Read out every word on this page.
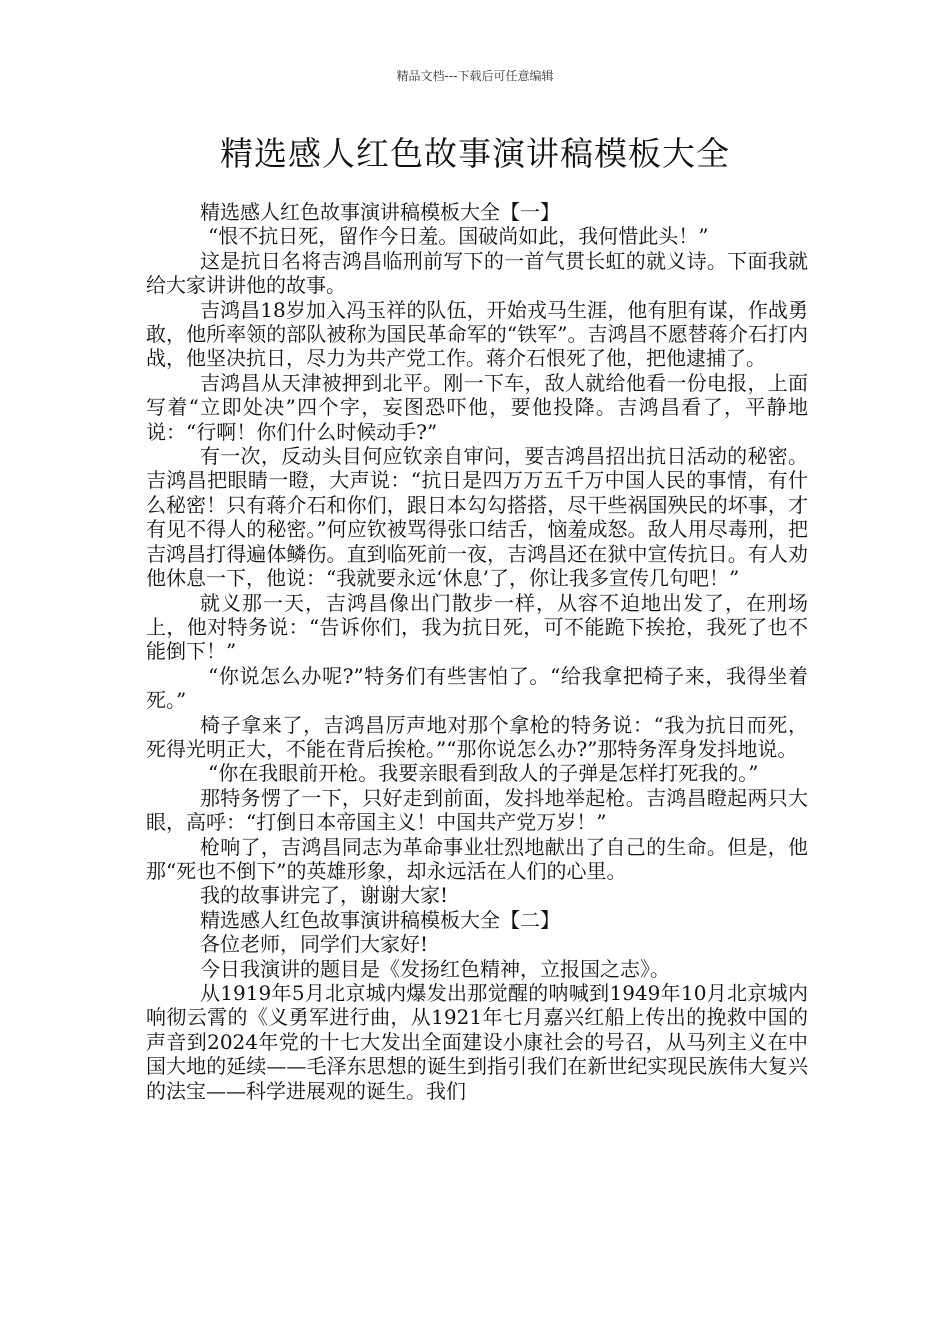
精品文档---下载后可任意编辑
精选感人红色故事演讲稿模板大全

精选感人红色故事演讲稿模板大全【一】

“恨不抗日死，留作今日羞。国破尚如此，我何惜此头！”

这是抗日名将吉鸿昌临刑前写下的一首气贯长虹的就义诗。下面我就给大家讲讲他的故事。

吉鸿昌18岁加入冯玉祥的队伍，开始戎马生涯，他有胆有谋，作战勇敢，他所率领的部队被称为国民革命军的“铁军”。吉鸿昌不愿替蒋介石打内战，他坚决抗日，尽力为共产党工作。蒋介石恨死了他，把他逮捕了。

吉鸿昌从天津被押到北平。刚一下车，敌人就给他看一份电报，上面写着“立即处决”四个字，妄图恐吓他，要他投降。吉鸿昌看了，平静地说：“行啊！你们什么时候动手?”

有一次，反动头目何应钦亲自审问，要吉鸿昌招出抗日活动的秘密。吉鸿昌把眼睛一瞪，大声说：“抗日是四万万五千万中国人民的事情，有什么秘密！只有蒋介石和你们，跟日本勾勾搭搭，尽干些祸国殃民的坏事，才有见不得人的秘密。”何应钦被骂得张口结舌，恼羞成怒。敌人用尽毒刑，把吉鸿昌打得遍体鳞伤。直到临死前一夜，吉鸿昌还在狱中宣传抗日。有人劝他休息一下，他说：“我就要永远‘休息’了，你让我多宣传几句吧！”

就义那一天，吉鸿昌像出门散步一样，从容不迫地出发了，在刑场上，他对特务说：“告诉你们，我为抗日死，可不能跪下挨抢，我死了也不能倒下！”

“你说怎么办呢?”特务们有些害怕了。“给我拿把椅子来，我得坐着死。”

椅子拿来了，吉鸿昌厉声地对那个拿枪的特务说：“我为抗日而死，死得光明正大，不能在背后挨枪。”“那你说怎么办?”那特务浑身发抖地说。

“你在我眼前开枪。我要亲眼看到敌人的子弹是怎样打死我的。”

那特务愣了一下，只好走到前面，发抖地举起枪。吉鸿昌瞪起两只大眼，高呼：“打倒日本帝国主义！中国共产党万岁！”

枪响了，吉鸿昌同志为革命事业壮烈地献出了自己的生命。但是，他那“死也不倒下”的英雄形象，却永远活在人们的心里。

我的故事讲完了，谢谢大家!

精选感人红色故事演讲稿模板大全【二】

各位老师，同学们大家好!

今日我演讲的题目是《发扬红色精神，立报国之志》。

从1919年5月北京城内爆发出那觉醒的呐喊到1949年10月北京城内响彻云霄的《义勇军进行曲，从1921年七月嘉兴红船上传出的挽救中国的声音到2024年党的十七大发出全面建设小康社会的号召，从马列主义在中国大地的延续——毛泽东思想的诞生到指引我们在新世纪实现民族伟大复兴的法宝——科学进展观的诞生。我们
